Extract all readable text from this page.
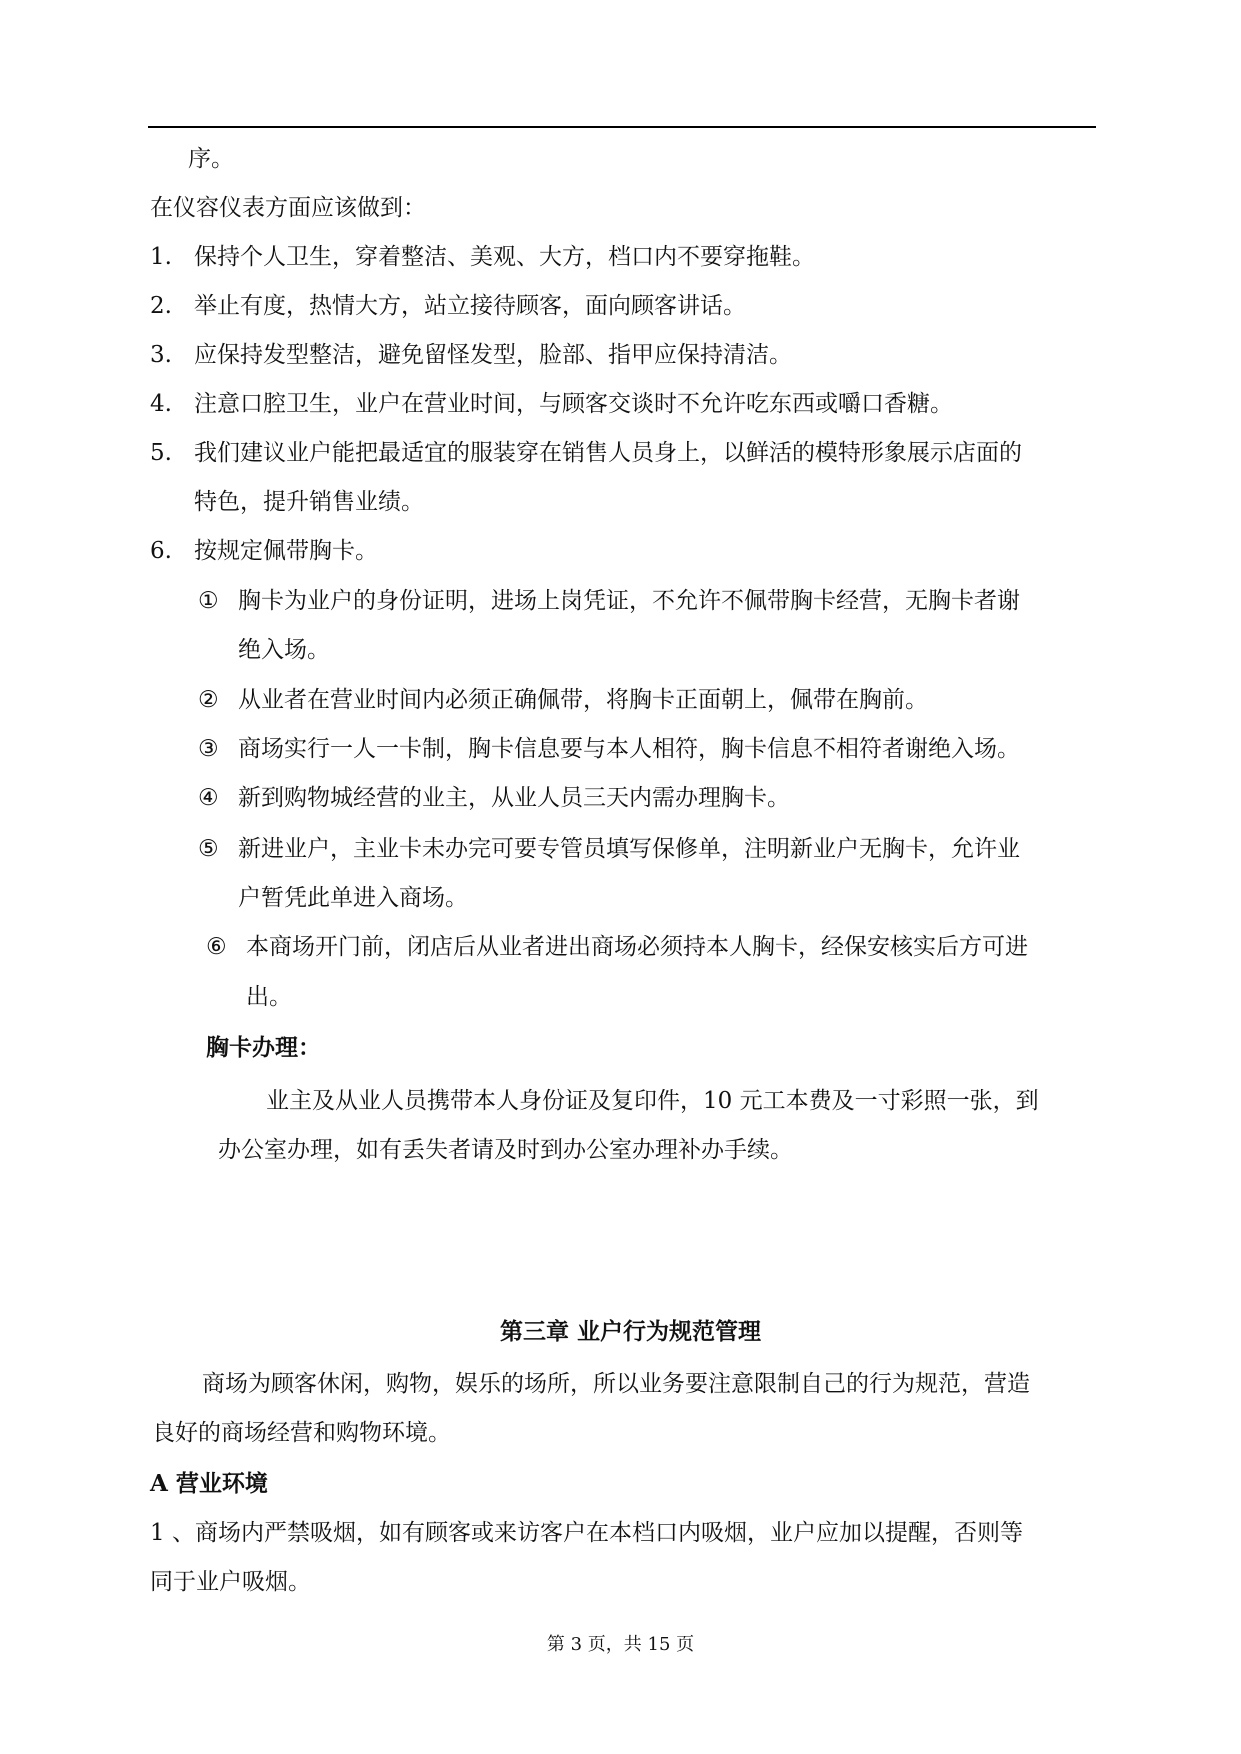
序。
在仪容仪表方面应该做到：
1. 保持个人卫生，穿着整洁、美观、大方，档口内不要穿拖鞋。
2. 举止有度，热情大方，站立接待顾客，面向顾客讲话。
3. 应保持发型整洁，避免留怪发型，脸部、指甲应保持清洁。
4. 注意口腔卫生，业户在营业时间，与顾客交谈时不允许吃东西或嚼口香糖。
5. 我们建议业户能把最适宜的服装穿在销售人员身上，以鲜活的模特形象展示店面的
特色，提升销售业绩。
6. 按规定佩带胸卡。
① 胸卡为业户的身份证明，进场上岗凭证，不允许不佩带胸卡经营，无胸卡者谢
绝入场。
② 从业者在营业时间内必须正确佩带，将胸卡正面朝上，佩带在胸前。
③ 商场实行一人一卡制，胸卡信息要与本人相符，胸卡信息不相符者谢绝入场。
④ 新到购物城经营的业主，从业人员三天内需办理胸卡。
⑤ 新进业户，主业卡未办完可要专管员填写保修单，注明新业户无胸卡，允许业
户暂凭此单进入商场。
⑥ 本商场开门前，闭店后从业者进出商场必须持本人胸卡，经保安核实后方可进
出。
胸卡办理：
业主及从业人员携带本人身份证及复印件，10 元工本费及一寸彩照一张，到
办公室办理，如有丢失者请及时到办公室办理补办手续。
第三章 业户行为规范管理
商场为顾客休闲，购物，娱乐的场所，所以业务要注意限制自己的行为规范，营造
良好的商场经营和购物环境。
A 营业环境
1 、商场内严禁吸烟，如有顾客或来访客户在本档口内吸烟，业户应加以提醒，否则等
同于业户吸烟。
第 3 页，共 15 页
